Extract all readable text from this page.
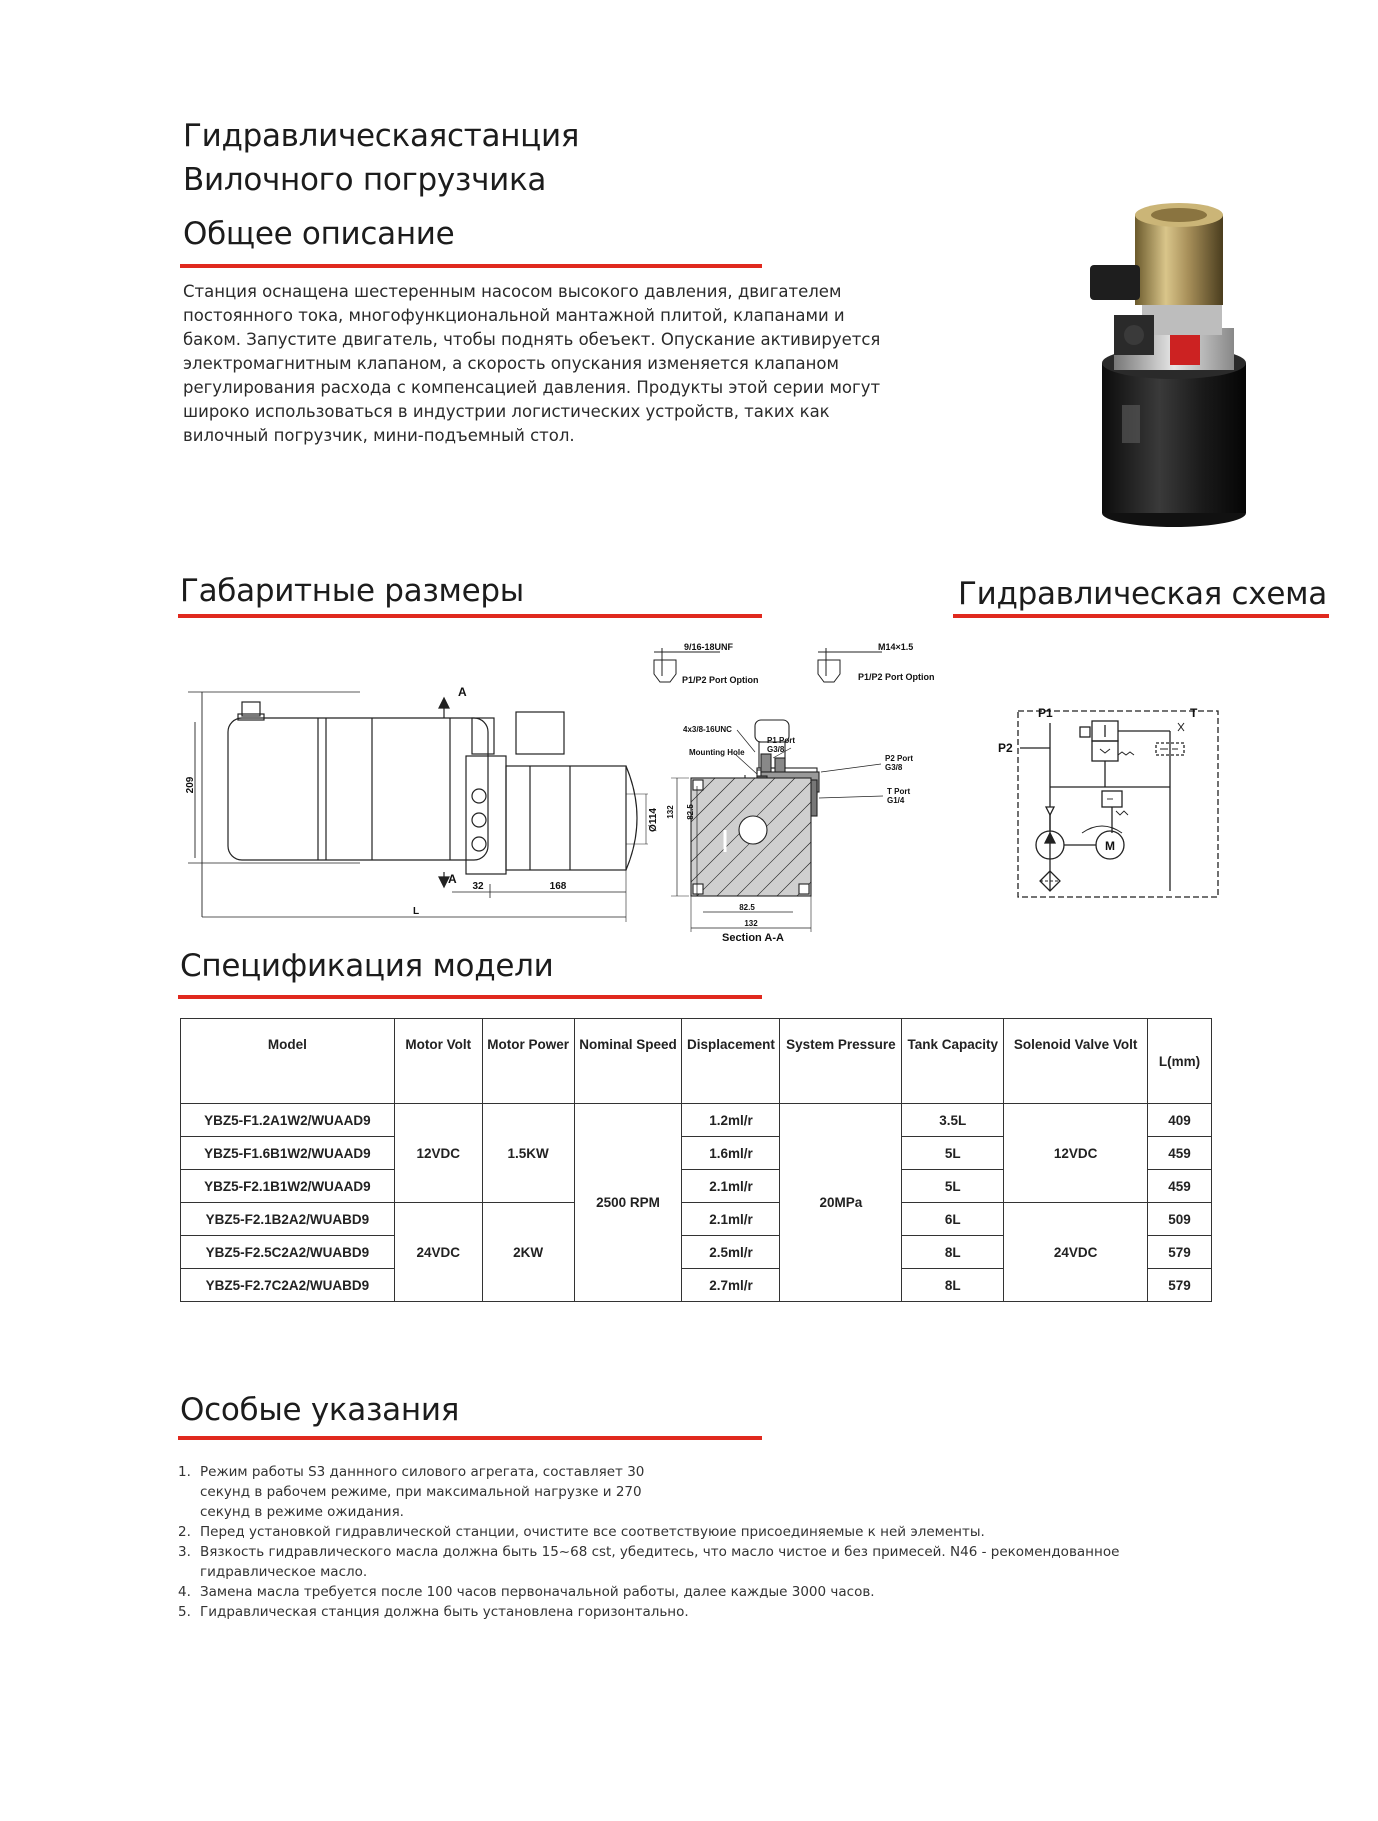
Гидравлическаястанция
Вилочного погрузчика
Общее описание
Станция оснащена шестеренным насосом высокого давления, двигателем постоянного тока, многофункциональной мантажной плитой, клапанами и баком. Запустите двигатель, чтобы поднять обеъект. Опускание активируется электромагнитным клапаном, а скорость опускания изменяется клапаном регулирования расхода с компенсацией давления. Продукты этой серии могут широко использоваться в индустрии логистических устройств, таких как вилочный погрузчик, мини-подъемный стол.
Габаритные размеры	Гидравлическая схема
209
Ø114
32	168
L
A
A
9/16-18UNF
P1/P2 Port Option
M14×1.5
P1/P2 Port Option
4x3/8-16UNC
Mounting Hole
P1 Port
G3/8
P2 Port
G3/8
T Port
G1/4
132 82.5
82.5
132
Section A-A
P1
P2
T
M
Спецификация модели
Model	Motor Volt	Motor Power	Nominal Speed	Displacement	System Pressure	Tank Capacity	Solenoid Valve Volt	L(mm)
YBZ5-F1.2A1W2/WUAAD9	12VDC	1.5KW	2500 RPM	1.2ml/r	20MPa	3.5L	12VDC	409
YBZ5-F1.6B1W2/WUAAD9				1.6ml/r		5L		459
YBZ5-F2.1B1W2/WUAAD9				2.1ml/r		5L		459
YBZ5-F2.1B2A2/WUABD9	24VDC	2KW		2.1ml/r		6L	24VDC	509
YBZ5-F2.5C2A2/WUABD9				2.5ml/r		8L		579
YBZ5-F2.7C2A2/WUABD9				2.7ml/r		8L		579
Особые указания
1. Режим работы S3 даннного силового агрегата, составляет 30 секунд в рабочем режиме, при максимальной нагрузке и 270 секунд в режиме ожидания.
2. Перед установкой гидравлической станции, очистите все соответствуюие присоединяемые к ней элементы.
3. Вязкость гидравлического масла должна быть 15~68 cst, убедитесь, что масло чистое и без примесей. N46 - рекомендованное гидравлическое масло.
4. Замена масла требуется после 100 часов первоначальной работы, далее каждые 3000 часов.
5. Гидравлическая станция должна быть установлена горизонтально.
